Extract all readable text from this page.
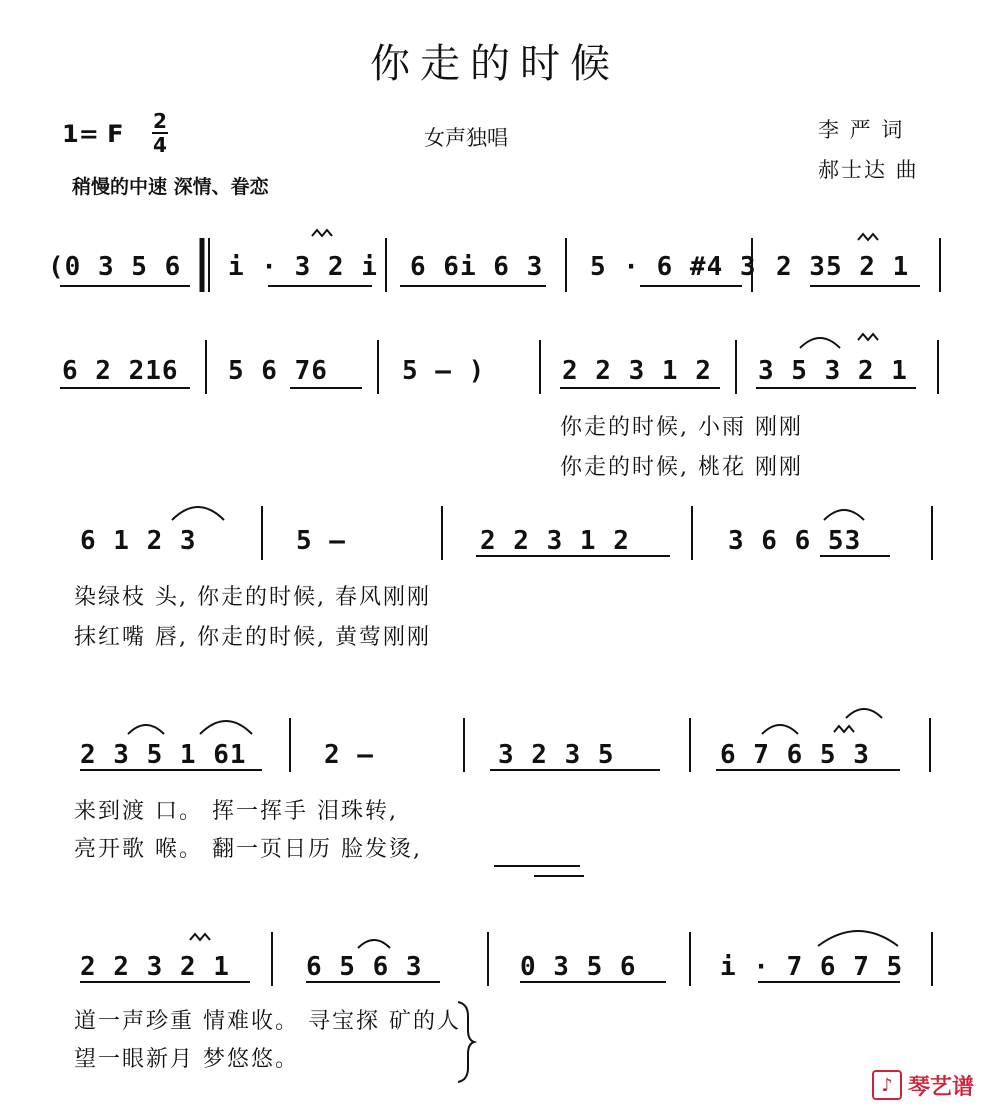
你走的时候
1= F 2
4	女声独唱	李 严 词
郝士达 曲
稍慢的中速 深情、眷恋
(0 3 5 6 i · 3 2 i 6 6i 6 3 5 · 6 #4 3 2 35 2 1
6 2 216 5 6 76	5 – )	2 2 3 1 2 3 5 3 2 1
你走的时候, 小雨 刚刚
你走的时候, 桃花 刚刚
6 1 2 3	5 –	2 2 3 1 2	3 6 6 53
染绿枝 头, 你走的时候, 春风刚刚
抹红嘴 唇, 你走的时候, 黄莺刚刚
2 3 5 1 61	2 –	3 2 3 5	6 7 6 5 3
来到渡 口。 挥一挥手 泪珠转,
亮开歌 喉。 翻一页日历 脸发烫,
2 2 3 2 1	6 5 6 3	0 3 5 6	i · 7 6 7 5
道一声珍重 情难收。 寻宝探 矿的人
望一眼新月 梦悠悠。
♪ 琴艺谱
